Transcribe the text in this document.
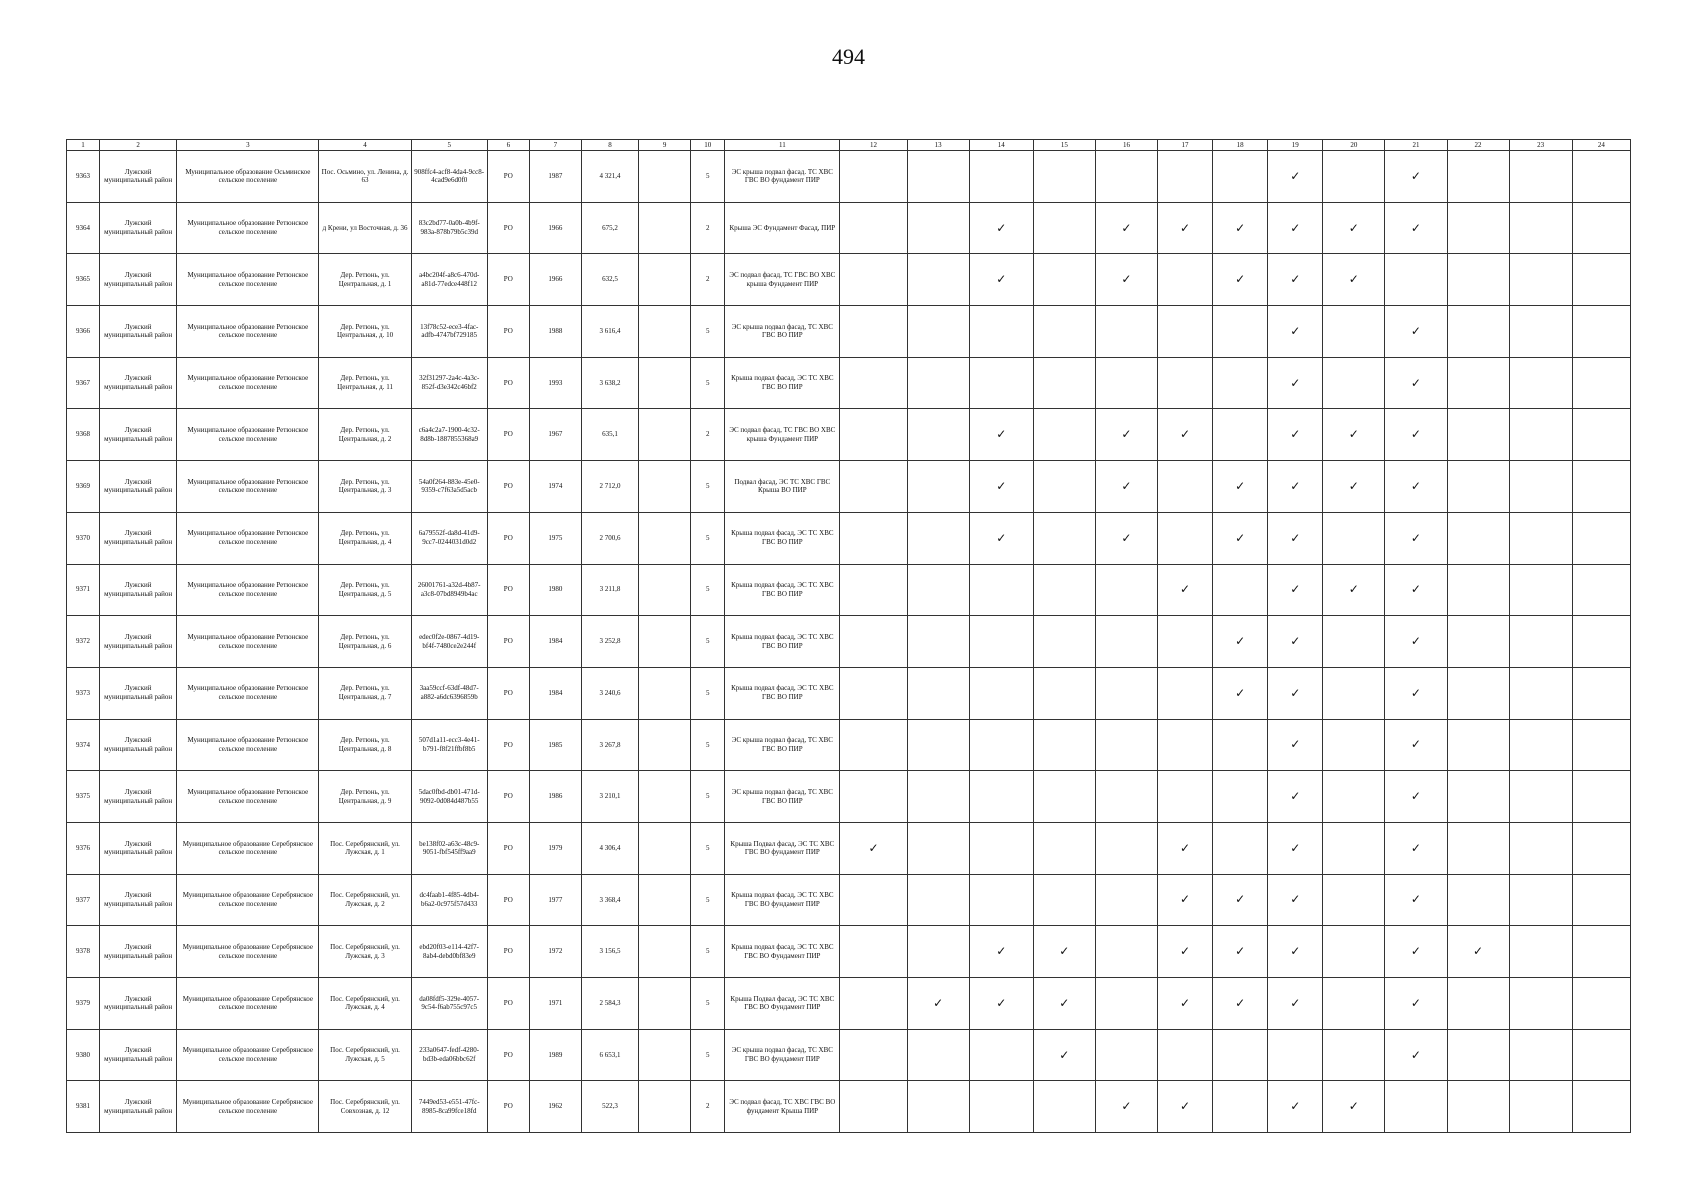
494
1	2	3	4	5	6	7	8	9	10	11	12	13	14	15	16	17	18	19	20	21	22	23	24
9363	Лужский муниципальный район	Муниципальное образование Осьминское сельское поселение	Пос. Осьмино, ул. Ленина, д. 63	908ffc4-acf8-4da4-9cc8-4cad9e6d0f0	РО	1987	4 321,4		5	ЭС крыша подвал фасад. ТС ХВС ГВС ВО фундамент ПИР								✓		✓			
9364	Лужский муниципальный район	Муниципальное образование Ретюнское сельское поселение	д Крени, ул Восточная, д. 36	83c2bd77-0a0b-4b9f-983a-878b79b5c39d	РО	1966	675,2		2	Крыша ЭС Фундамент Фасад, ПИР			✓		✓	✓	✓	✓	✓	✓			
9365	Лужский муниципальный район	Муниципальное образование Ретюнское сельское поселение	Дер. Ретюнь, ул. Центральная, д. 1	a4bc204f-a8c6-470d-a81d-77edce448f12	РО	1966	632,5		2	ЭС подвал фасад, ТС ГВС ВО ХВС крыша Фундамент ПИР			✓		✓		✓	✓	✓				
9366	Лужский муниципальный район	Муниципальное образование Ретюнское сельское поселение	Дер. Ретюнь, ул. Центральная, д. 10	13f78c52-ece3-4fac-adfb-4747bf729185	РО	1988	3 616,4		5	ЭС крыша подвал фасад, ТС ХВС ГВС ВО ПИР								✓		✓			
9367	Лужский муниципальный район	Муниципальное образование Ретюнское сельское поселение	Дер. Ретюнь, ул. Центральная, д. 11	32f31297-2a4c-4a3c-852f-d3e342c46bf2	РО	1993	3 638,2		5	Крыша подвал фасад, ЭС ТС ХВС ГВС ВО ПИР								✓		✓			
9368	Лужский муниципальный район	Муниципальное образование Ретюнское сельское поселение	Дер. Ретюнь, ул. Центральная, д. 2	c6a4c2a7-1900-4c32-8d8b-1887855368a9	РО	1967	635,1		2	ЭС подвал фасад, ТС ГВС ВО ХВС крыша Фундамент ПИР			✓		✓	✓		✓	✓	✓			
9369	Лужский муниципальный район	Муниципальное образование Ретюнское сельское поселение	Дер. Ретюнь, ул. Центральная, д. 3	54a0f264-883e-45e0-9359-c7f63a5d5acb	РО	1974	2 712,0		5	Подвал фасад, ЭС ТС ХВС ГВС Крыша ВО ПИР			✓		✓		✓	✓	✓	✓			
9370	Лужский муниципальный район	Муниципальное образование Ретюнское сельское поселение	Дер. Ретюнь, ул. Центральная, д. 4	6a79552f-da8d-41d9-9cc7-0244031d0d2	РО	1975	2 700,6		5	Крыша подвал фасад, ЭС ТС ХВС ГВС ВО ПИР			✓		✓		✓	✓		✓			
9371	Лужский муниципальный район	Муниципальное образование Ретюнское сельское поселение	Дер. Ретюнь, ул. Центральная, д. 5	26001761-a32d-4b87-a3c8-07bd8949b4ac	РО	1980	3 211,8		5	Крыша подвал фасад, ЭС ТС ХВС ГВС ВО ПИР						✓		✓	✓	✓			
9372	Лужский муниципальный район	Муниципальное образование Ретюнское сельское поселение	Дер. Ретюнь, ул. Центральная, д. 6	edec0f2e-0867-4d19-bf4f-7480ce2e244f	РО	1984	3 252,8		5	Крыша подвал фасад, ЭС ТС ХВС ГВС ВО ПИР							✓	✓		✓			
9373	Лужский муниципальный район	Муниципальное образование Ретюнское сельское поселение	Дер. Ретюнь, ул. Центральная, д. 7	3aa59ccf-63df-48d7-a882-a6dc6396859b	РО	1984	3 240,6		5	Крыша подвал фасад, ЭС ТС ХВС ГВС ВО ПИР							✓	✓		✓			
9374	Лужский муниципальный район	Муниципальное образование Ретюнское сельское поселение	Дер. Ретюнь, ул. Центральная, д. 8	507d1a11-ecc3-4e41-b791-f8f21ffbf8b5	РО	1985	3 267,8		5	ЭС крыша подвал фасад, ТС ХВС ГВС ВО ПИР								✓		✓			
9375	Лужский муниципальный район	Муниципальное образование Ретюнское сельское поселение	Дер. Ретюнь, ул. Центральная, д. 9	5dac0fbd-db01-471d-9092-0d084d487b55	РО	1986	3 210,1		5	ЭС крыша подвал фасад, ТС ХВС ГВС ВО ПИР								✓		✓			
9376	Лужский муниципальный район	Муниципальное образование Серебрянское сельское поселение	Пос. Серебрянский, ул. Лужская, д. 1	be138f02-a63c-48c9-9051-fbf545ff9aa9	РО	1979	4 306,4		5	Крыша Подвал фасад, ЭС ТС ХВС ГВС ВО фундамент ПИР	✓					✓		✓		✓			
9377	Лужский муниципальный район	Муниципальное образование Серебрянское сельское поселение	Пос. Серебрянский, ул. Лужская, д. 2	dc4faab1-4f85-4db4-b6a2-0c975f57d433	РО	1977	3 368,4		5	Крыша подвал фасад, ЭС ТС ХВС ГВС ВО фундамент ПИР						✓	✓	✓		✓			
9378	Лужский муниципальный район	Муниципальное образование Серебрянское сельское поселение	Пос. Серебрянский, ул. Лужская, д. 3	ebd20f03-e114-42f7-8ab4-debd0bf83e9	РО	1972	3 156,5		5	Крыша подвал фасад, ЭС ТС ХВС ГВС ВО Фундамент ПИР			✓	✓		✓	✓	✓		✓	✓		
9379	Лужский муниципальный район	Муниципальное образование Серебрянское сельское поселение	Пос. Серебрянский, ул. Лужская, д. 4	da08fdf5-329e-4057-9c54-f6ab755c97c5	РО	1971	2 584,3		5	Крыша Подвал фасад, ЭС ТС ХВС ГВС ВО Фундамент ПИР		✓	✓	✓		✓	✓	✓		✓			
9380	Лужский муниципальный район	Муниципальное образование Серебрянское сельское поселение	Пос. Серебрянский, ул. Лужская, д. 5	233a0647-fedf-4280-bd3b-eda06bbc62f	РО	1989	6 653,1		5	ЭС крыша подвал фасад, ТС ХВС ГВС ВО фундамент ПИР				✓						✓			
9381	Лужский муниципальный район	Муниципальное образование Серебрянское сельское поселение	Пос. Серебрянский, ул. Совхозная, д. 12	7449ed53-e551-47fc-8985-8ca99fce18fd	РО	1962	522,3		2	ЭС подвал фасад, ТС ХВС ГВС ВО фундамент Крыша ПИР					✓	✓		✓	✓				
